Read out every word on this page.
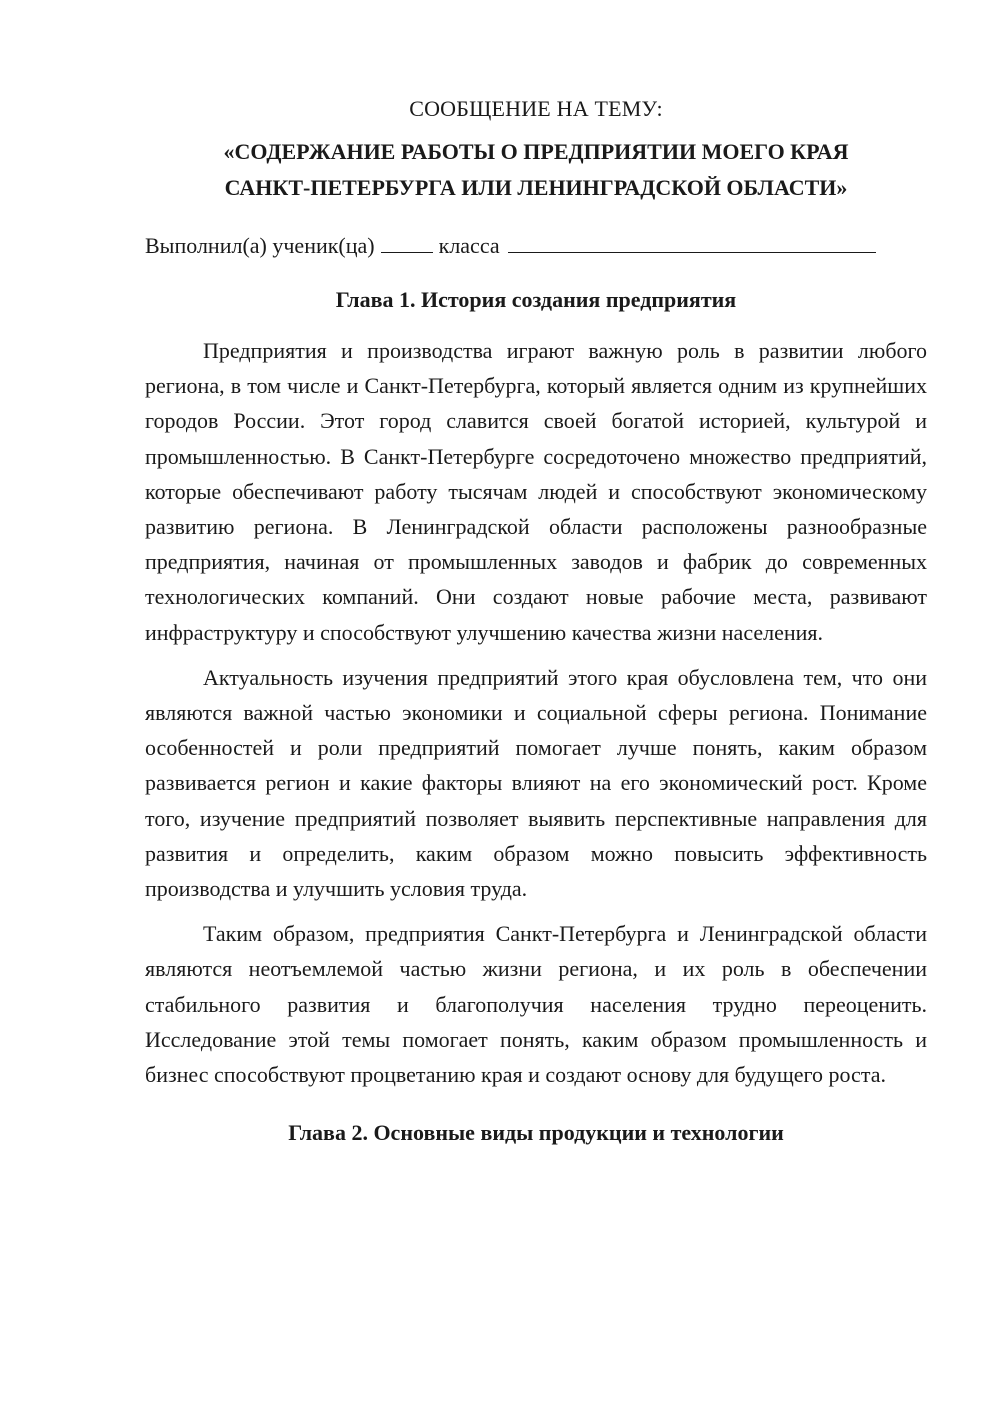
СООБЩЕНИЕ НА ТЕМУ:

«СОДЕРЖАНИЕ РАБОТЫ О ПРЕДПРИЯТИИ МОЕГО КРАЯ

САНКТ-ПЕТЕРБУРГА ИЛИ ЛЕНИНГРАДСКОЙ ОБЛАСТИ»

Выполнил(а) ученик(ца)	класса

Глава 1. История создания предприятия

Предприятия и производства играют важную роль в развитии любого региона, в том числе и Санкт-Петербурга, который является одним из крупнейших городов России. Этот город славится своей богатой историей, культурой и промышленностью. В Санкт-Петербурге сосредоточено множество предприятий, которые обеспечивают работу тысячам людей и способствуют экономическому развитию региона. В Ленинградской области расположены разнообразные предприятия, начиная от промышленных заводов и фабрик до современных технологических компаний. Они создают новые рабочие места, развивают инфраструктуру и способствуют улучшению качества жизни населения.

Актуальность изучения предприятий этого края обусловлена тем, что они являются важной частью экономики и социальной сферы региона. Понимание особенностей и роли предприятий помогает лучше понять, каким образом развивается регион и какие факторы влияют на его экономический рост. Кроме того, изучение предприятий позволяет выявить перспективные направления для развития и определить, каким образом можно повысить эффективность производства и улучшить условия труда.

Таким образом, предприятия Санкт-Петербурга и Ленинградской области являются неотъемлемой частью жизни региона, и их роль в обеспечении стабильного развития и благополучия населения трудно переоценить. Исследование этой темы помогает понять, каким образом промышленность и бизнес способствуют процветанию края и создают основу для будущего роста.

Глава 2. Основные виды продукции и технологии
